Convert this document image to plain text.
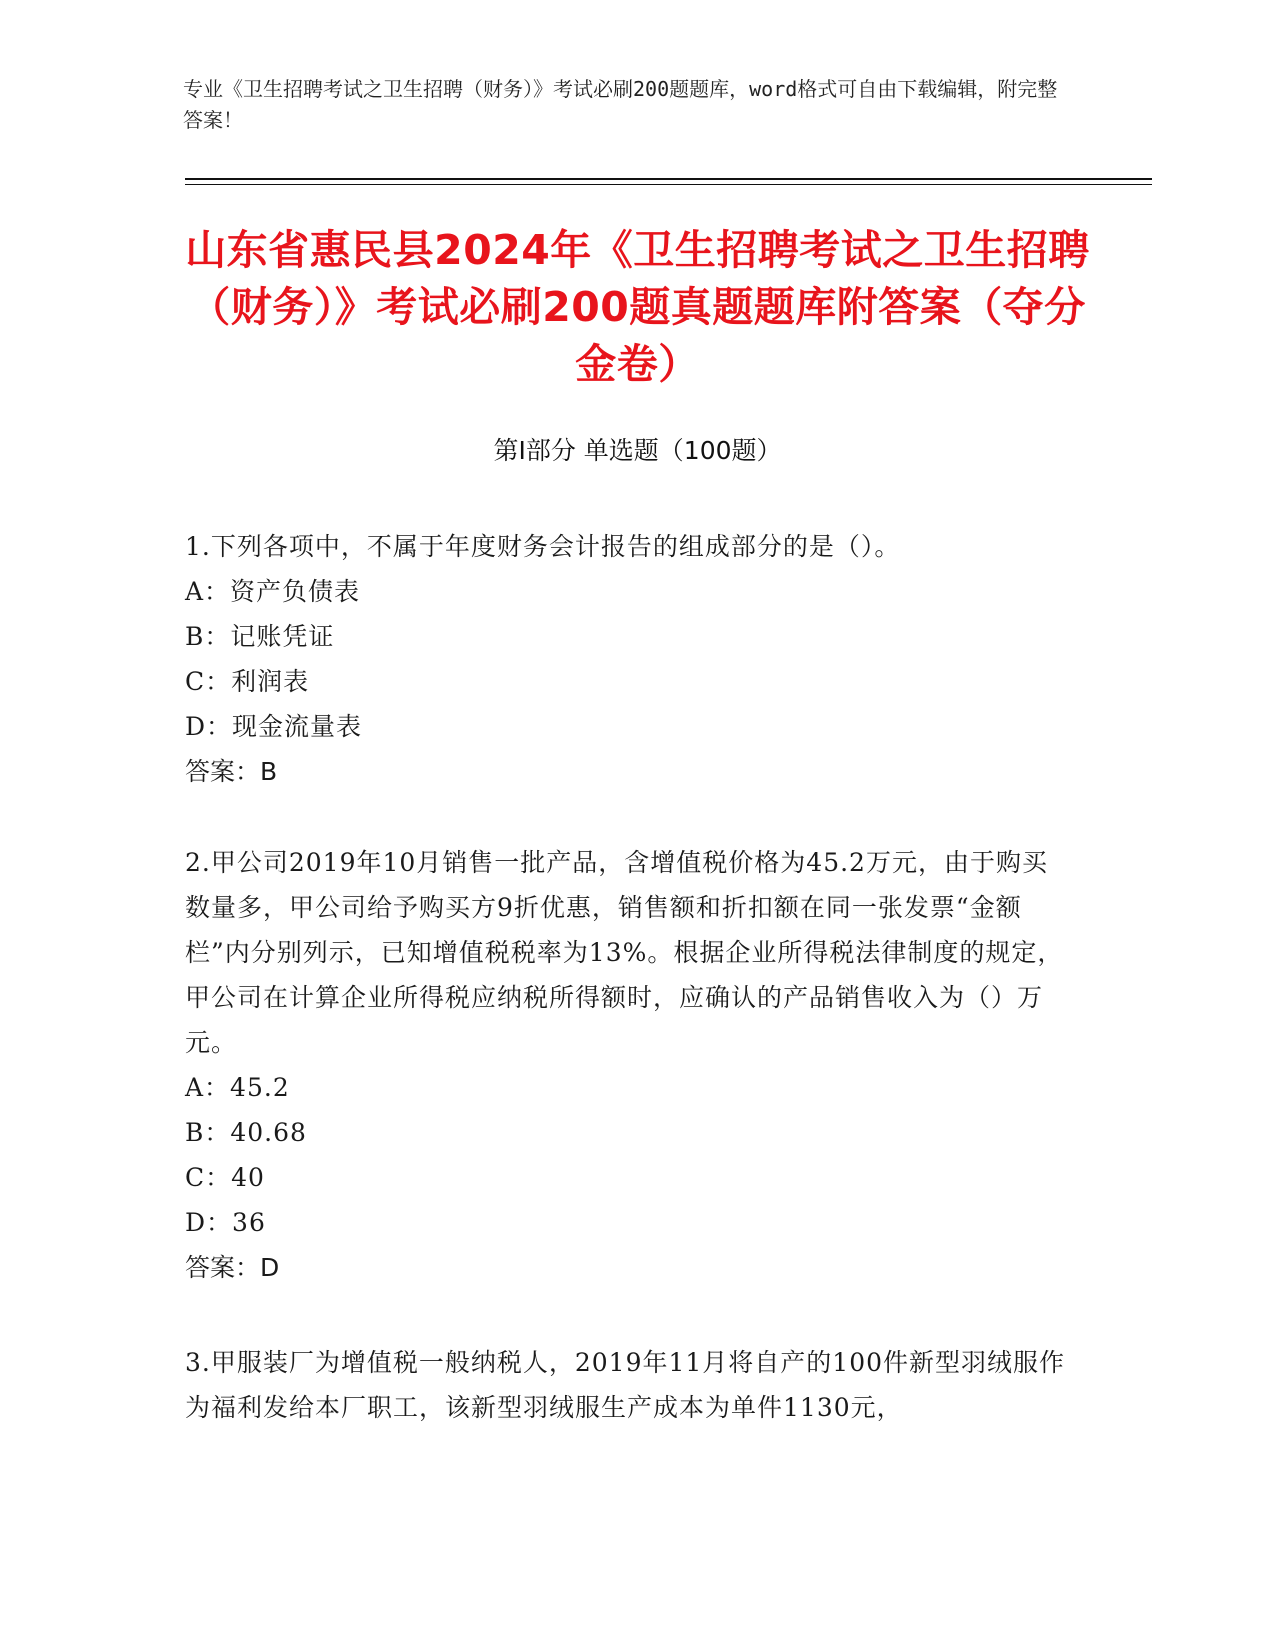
专业《卫生招聘考试之卫生招聘（财务）》考试必刷200题题库，word格式可自由下载编辑，附完整答案！
山东省惠民县2024年《卫生招聘考试之卫生招聘（财务）》考试必刷200题真题题库附答案（夺分金卷）
第I部分 单选题（100题）
1.下列各项中，不属于年度财务会计报告的组成部分的是（）。
A：资产负债表
B：记账凭证
C：利润表
D：现金流量表
答案：B
2.甲公司2019年10月销售一批产品，含增值税价格为45.2万元，由于购买数量多，甲公司给予购买方9折优惠，销售额和折扣额在同一张发票“金额栏”内分别列示，已知增值税税率为13%。根据企业所得税法律制度的规定，甲公司在计算企业所得税应纳税所得额时，应确认的产品销售收入为（）万元。
A：45.2
B：40.68
C：40
D：36
答案：D
3.甲服装厂为增值税一般纳税人，2019年11月将自产的100件新型羽绒服作为福利发给本厂职工，该新型羽绒服生产成本为单件1130元，
